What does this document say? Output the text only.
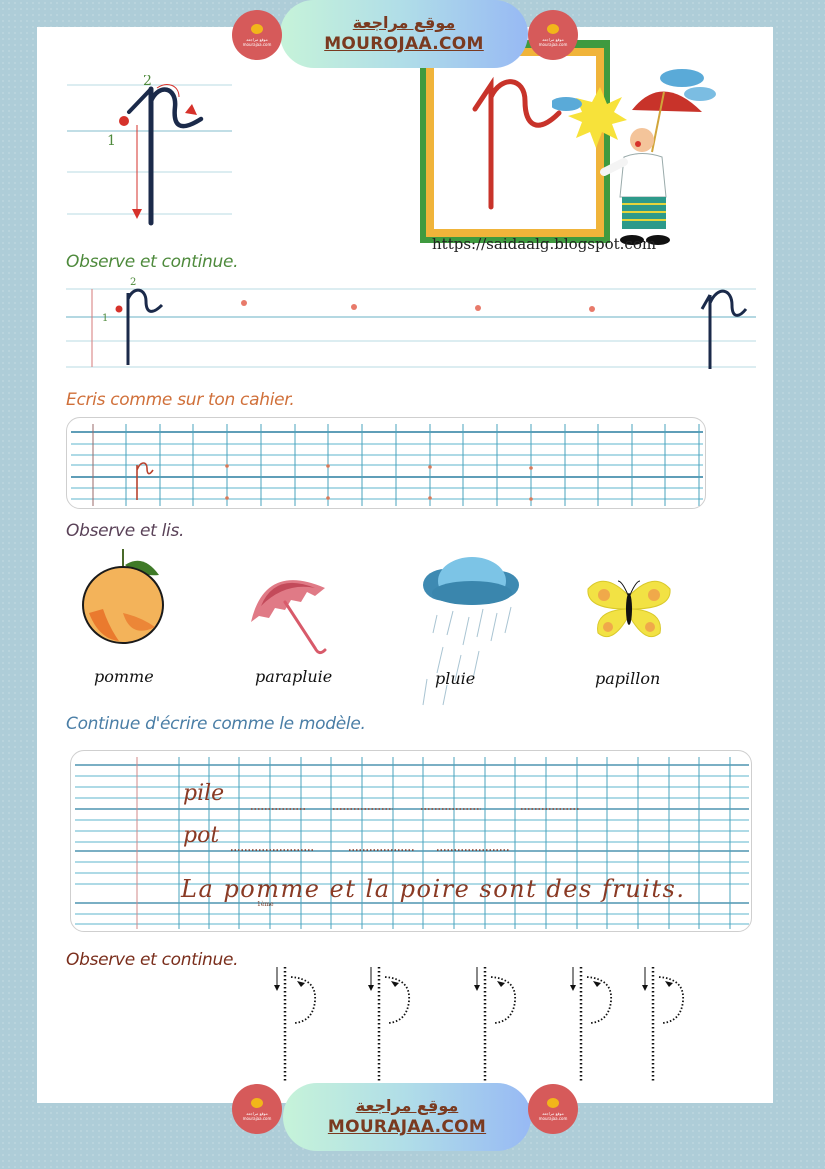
موقع مراجعة
mourajaa.com
موقع مراجعة
MOUROJAA.COM	موقع مراجعة
mourajaa.com
2
1
https://saidaalg.blogspot.com
Observe et continue.
1
2
Ecris comme sur ton cahier.
Observe et lis.
pomme	parapluie	pluie	papillon
Continue d'écrire comme le modèle.
pile
pot
La pomme et la poire sont des fruits.
1ème
Observe et continue.
موقع مراجعة
mourajaa.com
موقع مراجعة
MOURAJAA.COM
موقع مراجعة
mourajaa.com
